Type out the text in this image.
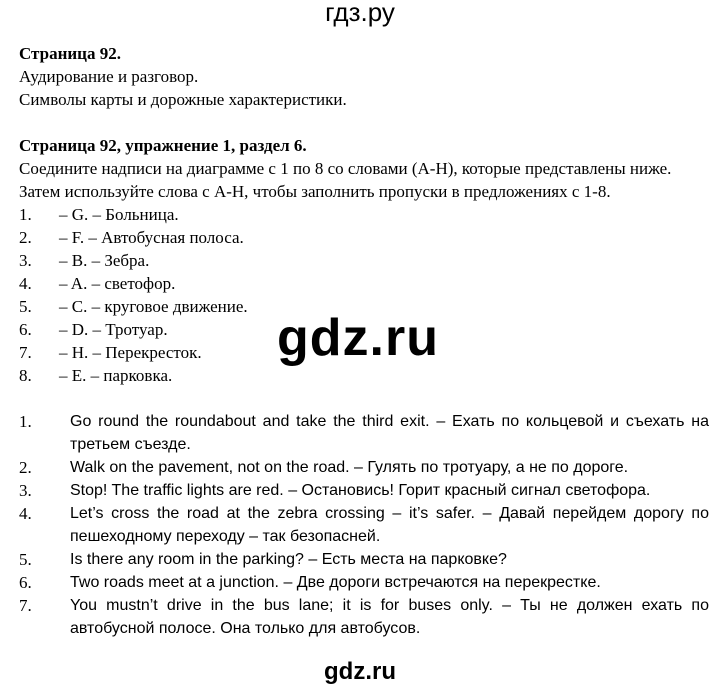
гдз.ру

Страница 92.

Аудирование и разговор.

Символы карты и дорожные характеристики.

Страница 92, упражнение 1, раздел 6.

Соедините надписи на диаграмме с 1 по 8 со словами (A-H), которые представлены ниже.

Затем используйте слова с A-H, чтобы заполнить пропуски в предложениях с 1-8.

1.	– G. – Больница.
2.	– F. – Автобусная полоса.
3.	– B. – Зебра.
4.	– A. – светофор.
5.	– C. – круговое движение.
6.	– D. – Тротуар.
7.	– H. – Перекресток.
8.	– E. – парковка.
1.	Go round the roundabout and take the third exit. – Ехать по кольцевой и съехать на третьем съезде.
2.	Walk on the pavement, not on the road. – Гулять по тротуару, а не по дороге.
3.	Stop! The traffic lights are red. – Остановись! Горит красный сигнал светофора.
4.	Let’s cross the road at the zebra crossing – it’s safer. – Давай перейдем дорогу по пешеходному переходу – так безопасней.
5.	Is there any room in the parking? – Есть места на парковке?
6.	Two roads meet at a junction. – Две дороги встречаются на перекрестке.
7.	You mustn’t drive in the bus lane; it is for buses only. – Ты не должен ехать по автобусной полосе. Она только для автобусов.
gdz.ru
gdz.ru
